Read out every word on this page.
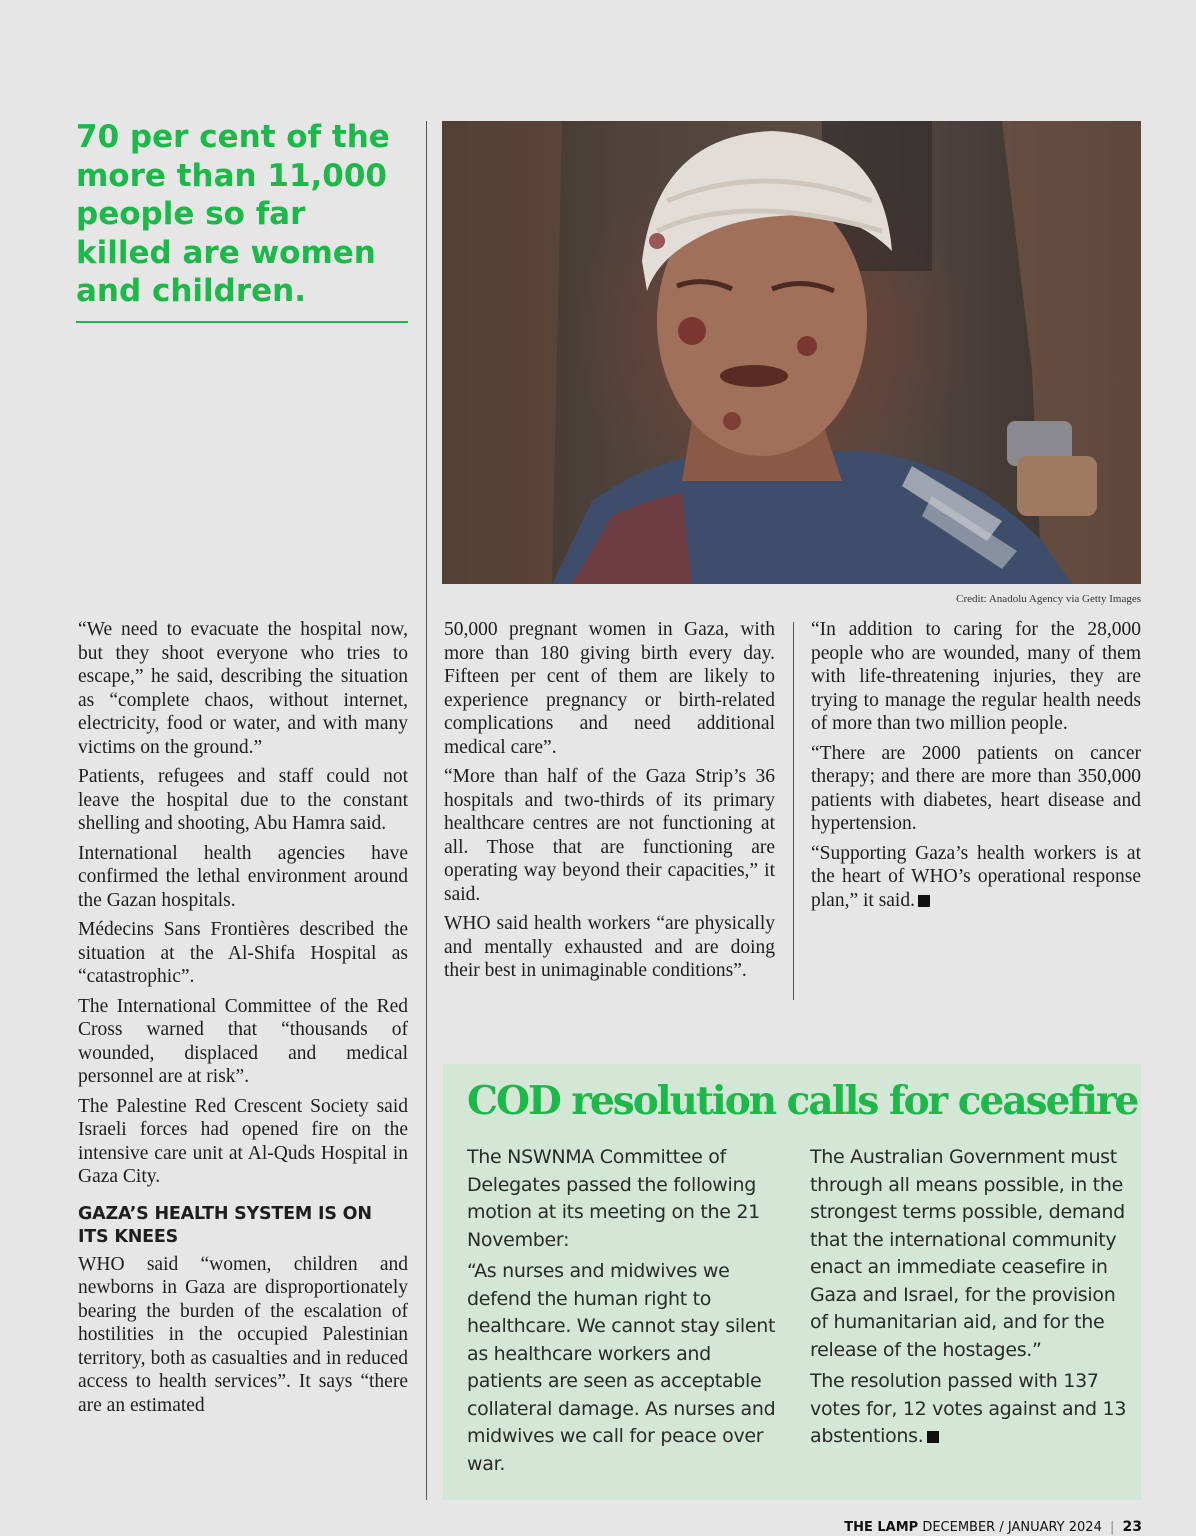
70 per cent of the more than 11,000 people so far killed are women and children.
Credit: Anadolu Agency via Getty Images

“We need to evacuate the hospital now, but they shoot everyone who tries to escape,” he said, describing the situation as “complete chaos, without internet, electricity, food or water, and with many victims on the ground.”

Patients, refugees and staff could not leave the hospital due to the constant shelling and shooting, Abu Hamra said.

International health agencies have confirmed the lethal environment around the Gazan hospitals.

Médecins Sans Frontières described the situation at the Al-Shifa Hospital as “catastrophic”.

The International Committee of the Red Cross warned that “thousands of wounded, displaced and medical personnel are at risk”.

The Palestine Red Crescent Society said Israeli forces had opened fire on the intensive care unit at Al-Quds Hospital in Gaza City.

GAZA’S HEALTH SYSTEM IS ON ITS KNEES

WHO said “women, children and newborns in Gaza are disproportionately bearing the burden of the escalation of hostilities in the occupied Palestinian territory, both as casualties and in reduced access to health services”. It says “there are an estimated

50,000 pregnant women in Gaza, with more than 180 giving birth every day. Fifteen per cent of them are likely to experience pregnancy or birth-related complications and need additional medical care”.

“More than half of the Gaza Strip’s 36 hospitals and two-thirds of its primary healthcare centres are not functioning at all. Those that are functioning are operating way beyond their capacities,” it said.

WHO said health workers “are physically and mentally exhausted and are doing their best in unimaginable conditions”.

“In addition to caring for the 28,000 people who are wounded, many of them with life-threatening injuries, they are trying to manage the regular health needs of more than two million people.

“There are 2000 patients on cancer therapy; and there are more than 350,000 patients with diabetes, heart disease and hypertension.

“Supporting Gaza’s health workers is at the heart of WHO’s operational response plan,” it said.

COD resolution calls for ceasefire

The NSWNMA Committee of Delegates passed the following motion at its meeting on the 21 November:

“As nurses and midwives we defend the human right to healthcare. We cannot stay silent as healthcare workers and patients are seen as acceptable collateral damage. As nurses and midwives we call for peace over war.

The Australian Government must through all means possible, in the strongest terms possible, demand that the international community enact an immediate ceasefire in Gaza and Israel, for the provision of humanitarian aid, and for the release of the hostages.”

The resolution passed with 137 votes for, 12 votes against and 13 abstentions.

THE LAMP DECEMBER / JANUARY 2024 | 23
